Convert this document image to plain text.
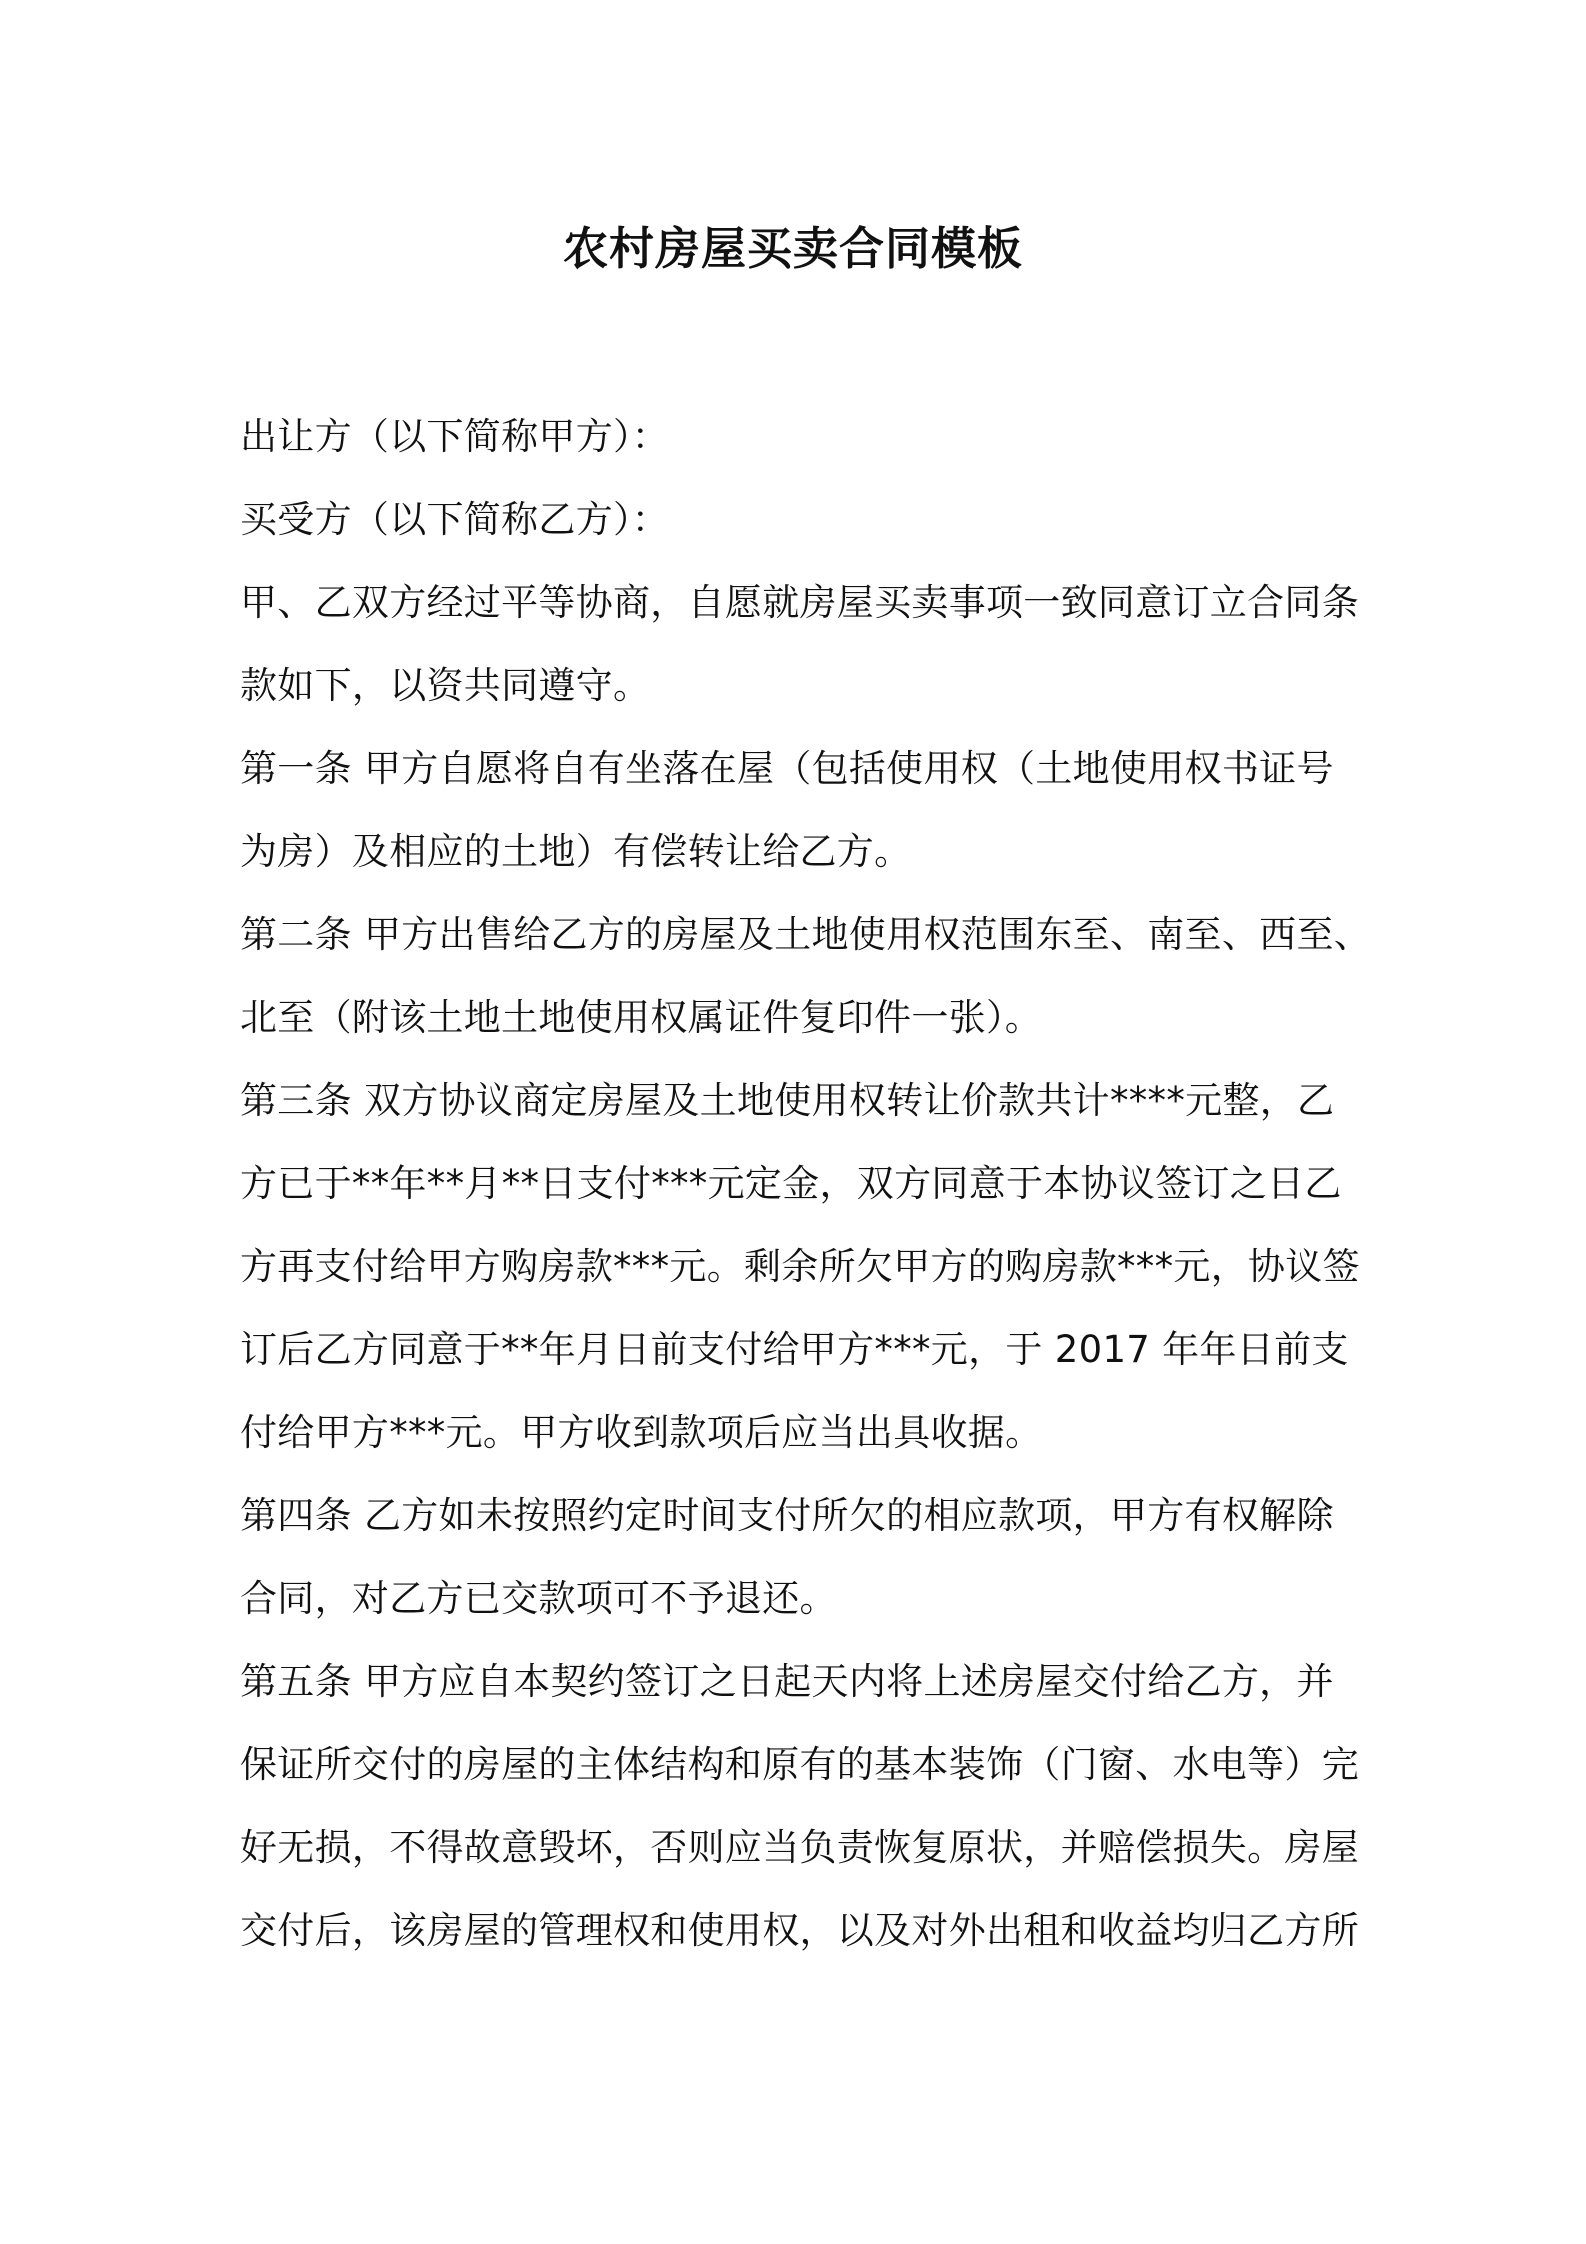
农村房屋买卖合同模板
出让方（以下简称甲方）：
买受方（以下简称乙方）：
甲、乙双方经过平等协商，自愿就房屋买卖事项一致同意订立合同条
款如下，以资共同遵守。
第一条 甲方自愿将自有坐落在屋（包括使用权（土地使用权书证号
为房）及相应的土地）有偿转让给乙方。
第二条 甲方出售给乙方的房屋及土地使用权范围东至、南至、西至、
北至（附该土地土地使用权属证件复印件一张）。
第三条 双方协议商定房屋及土地使用权转让价款共计****元整，乙
方已于**年**月**日支付***元定金，双方同意于本协议签订之日乙
方再支付给甲方购房款***元。剩余所欠甲方的购房款***元，协议签
订后乙方同意于**年月日前支付给甲方***元，于 2017 年年日前支
付给甲方***元。甲方收到款项后应当出具收据。
第四条 乙方如未按照约定时间支付所欠的相应款项，甲方有权解除
合同，对乙方已交款项可不予退还。
第五条 甲方应自本契约签订之日起天内将上述房屋交付给乙方，并
保证所交付的房屋的主体结构和原有的基本装饰（门窗、水电等）完
好无损，不得故意毁坏，否则应当负责恢复原状，并赔偿损失。房屋
交付后，该房屋的管理权和使用权，以及对外出租和收益均归乙方所
